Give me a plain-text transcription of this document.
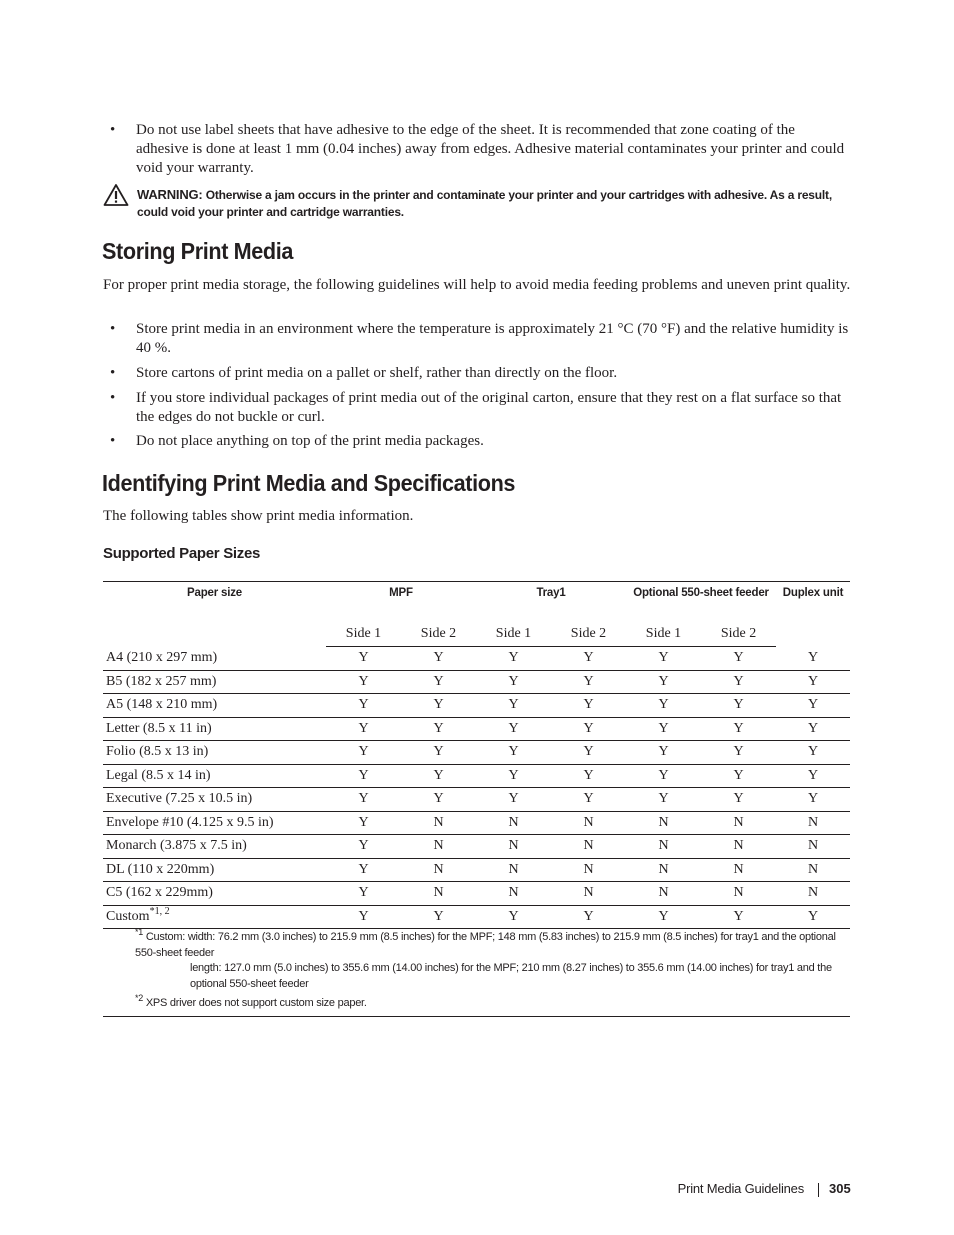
• Do not use label sheets that have adhesive to the edge of the sheet. It is recommended that zone coating of the adhesive is done at least 1 mm (0.04 inches) away from edges. Adhesive material contaminates your printer and could void your warranty.
WARNING: Otherwise a jam occurs in the printer and contaminate your printer and your cartridges with adhesive. As a result, could void your printer and cartridge warranties.
Storing Print Media
For proper print media storage, the following guidelines will help to avoid media feeding problems and uneven print quality.
• Store print media in an environment where the temperature is approximately 21 °C (70 °F) and the relative humidity is 40 %.
• Store cartons of print media on a pallet or shelf, rather than directly on the floor.
• If you store individual packages of print media out of the original carton, ensure that they rest on a flat surface so that the edges do not buckle or curl.
• Do not place anything on top of the print media packages.
Identifying Print Media and Specifications
The following tables show print media information.
Supported Paper Sizes
Paper size	MPF		Tray1		Optional 550-sheet feeder		Duplex unit
	Side 1	Side 2	Side 1	Side 2	Side 1	Side 2	
A4 (210 x 297 mm)	Y	Y	Y	Y	Y	Y	Y
B5 (182 x 257 mm)	Y	Y	Y	Y	Y	Y	Y
A5 (148 x 210 mm)	Y	Y	Y	Y	Y	Y	Y
Letter (8.5 x 11 in)	Y	Y	Y	Y	Y	Y	Y
Folio (8.5 x 13 in)	Y	Y	Y	Y	Y	Y	Y
Legal (8.5 x 14 in)	Y	Y	Y	Y	Y	Y	Y
Executive (7.25 x 10.5 in)	Y	Y	Y	Y	Y	Y	Y
Envelope #10 (4.125 x 9.5 in)	Y	N	N	N	N	N	N
Monarch (3.875 x 7.5 in)	Y	N	N	N	N	N	N
DL (110 x 220mm)	Y	N	N	N	N	N	N
C5 (162 x 229mm)	Y	N	N	N	N	N	N
Custom$^{*1, 2}$	Y	Y	Y	Y	Y	Y	Y
$^{*1}$ Custom: width: 76.2 mm (3.0 inches) to 215.9 mm (8.5 inches) for the MPF; 148 mm (5.83 inches) to 215.9 mm (8.5 inches) for tray1 and the optional 550-sheet feeder
length: 127.0 mm (5.0 inches) to 355.6 mm (14.00 inches) for the MPF; 210 mm (8.27 inches) to 355.6 mm (14.00 inches) for tray1 and the optional 550-sheet feeder
$^{*2}$ XPS driver does not support custom size paper.
Print Media Guidelines 305
